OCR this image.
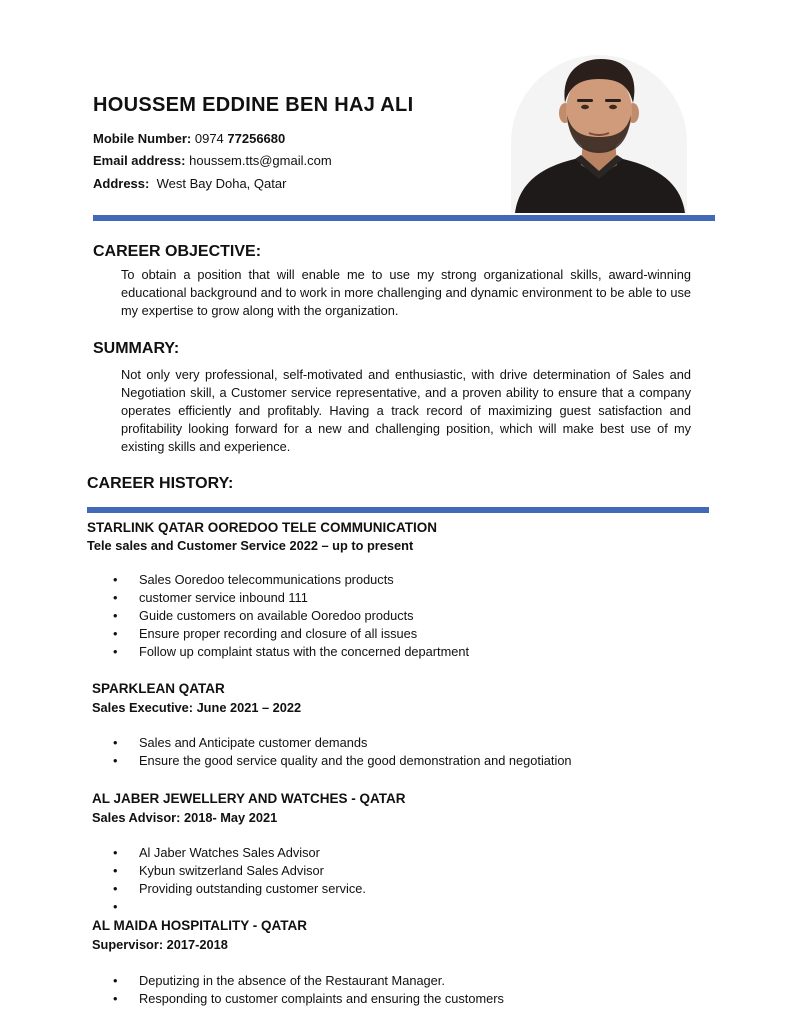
HOUSSEM EDDINE BEN HAJ ALI
Mobile Number: 0974 77256680
Email address: houssem.tts@gmail.com
Address: West Bay Doha, Qatar
CAREER OBJECTIVE:
To obtain a position that will enable me to use my strong organizational skills, award-winning educational background and to work in more challenging and dynamic environment to be able to use my expertise to grow along with the organization.
SUMMARY:
Not only very professional, self-motivated and enthusiastic, with drive determination of Sales and Negotiation skill, a Customer service representative, and a proven ability to ensure that a company operates efficiently and profitably. Having a track record of maximizing guest satisfaction and profitability looking forward for a new and challenging position, which will make best use of my existing skills and experience.
CAREER HISTORY:
STARLINK QATAR OOREDOO TELE COMMUNICATION
Tele sales and Customer Service 2022 – up to present
• Sales Ooredoo telecommunications products
• customer service inbound 111
• Guide customers on available Ooredoo products
• Ensure proper recording and closure of all issues
• Follow up complaint status with the concerned department
SPARKLEAN QATAR
Sales Executive: June 2021 – 2022
• Sales and Anticipate customer demands
• Ensure the good service quality and the good demonstration and negotiation
AL JABER JEWELLERY AND WATCHES - QATAR
Sales Advisor: 2018- May 2021
• Al Jaber Watches Sales Advisor
• Kybun switzerland Sales Advisor
• Providing outstanding customer service.
•
AL MAIDA HOSPITALITY - QATAR
Supervisor: 2017-2018
• Deputizing in the absence of the Restaurant Manager.
• Responding to customer complaints and ensuring the customers
